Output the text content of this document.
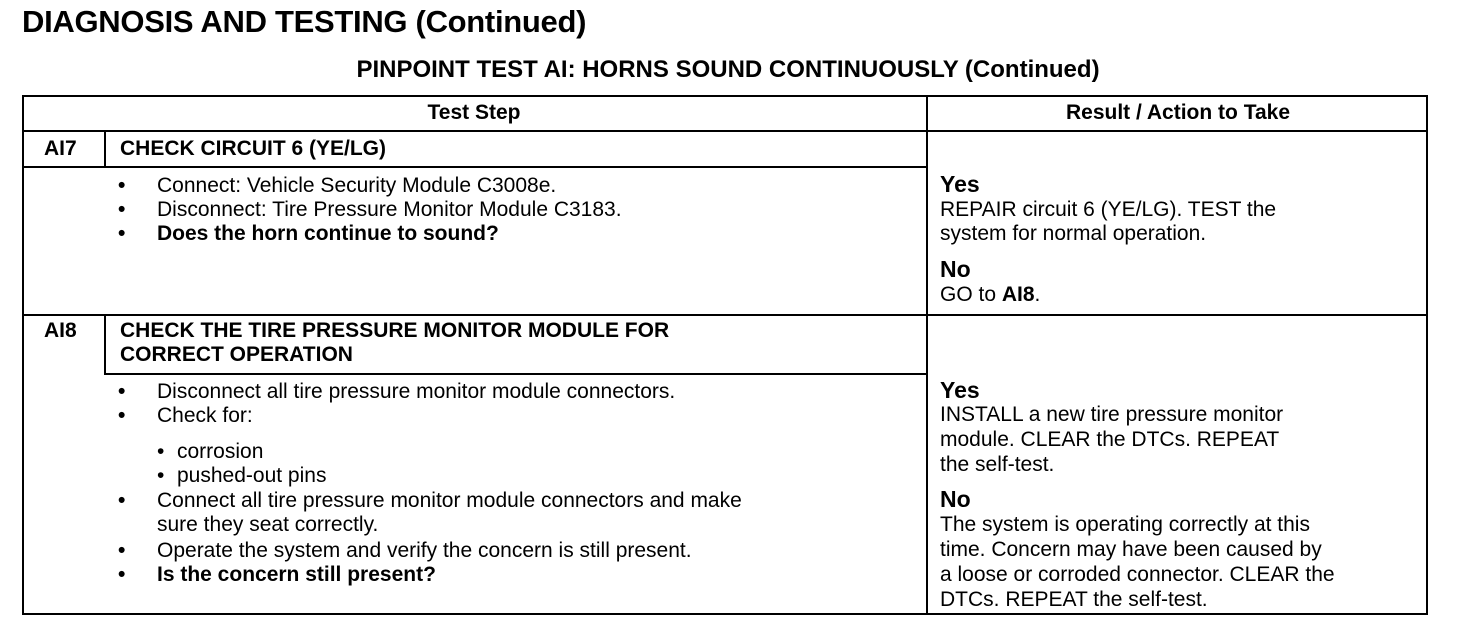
DIAGNOSIS AND TESTING (Continued)
PINPOINT TEST AI: HORNS SOUND CONTINUOUSLY (Continued)
Test Step	Result / Action to Take
AI7 CHECK CIRCUIT 6 (YE/LG)
• Connect: Vehicle Security Module C3008e.
• Disconnect: Tire Pressure Monitor Module C3183.
• Does the horn continue to sound?
Yes
REPAIR circuit 6 (YE/LG). TEST the
system for normal operation.
No
GO to AI8.
AI8 CHECK THE TIRE PRESSURE MONITOR MODULE FOR
CORRECT OPERATION
• Disconnect all tire pressure monitor module connectors.
• Check for:
• corrosion
• pushed-out pins
• Connect all tire pressure monitor module connectors and make
sure they seat correctly.
• Operate the system and verify the concern is still present.
• Is the concern still present?
Yes
INSTALL a new tire pressure monitor
module. CLEAR the DTCs. REPEAT
the self-test.
No
The system is operating correctly at this
time. Concern may have been caused by
a loose or corroded connector. CLEAR the
DTCs. REPEAT the self-test.
